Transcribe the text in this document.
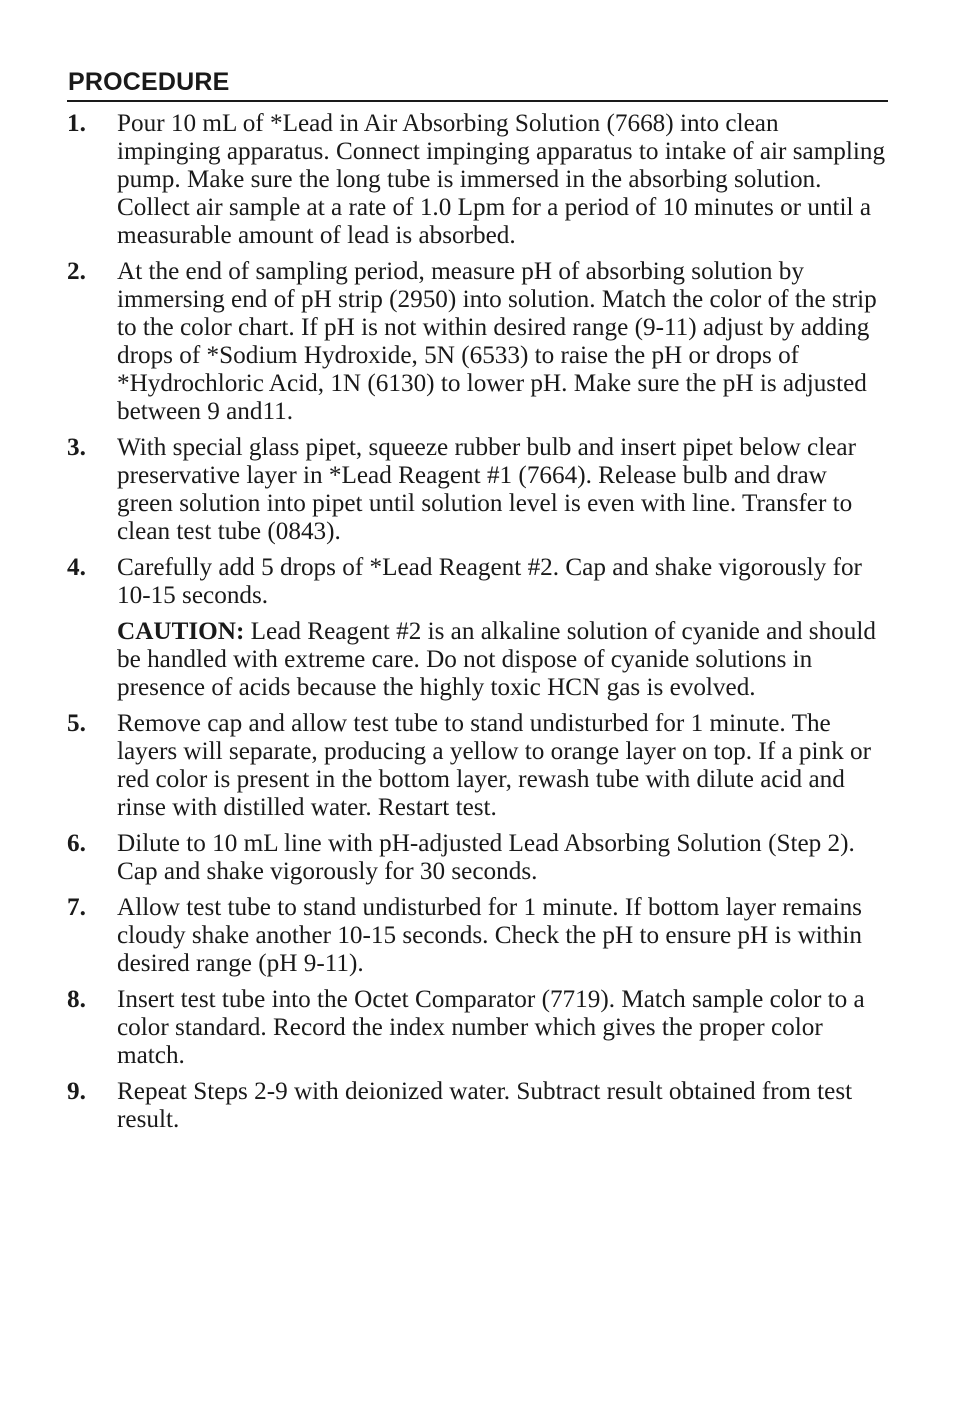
PROCEDURE
1.	Pour 10 mL of *Lead in Air Absorbing Solution (7668) into clean impinging apparatus. Connect impinging apparatus to intake of air sampling pump. Make sure the long tube is immersed in the absorbing solution. Collect air sample at a rate of 1.0 Lpm for a period of 10 minutes or until a measurable amount of lead is absorbed.

2.	At the end of sampling period, measure pH of absorbing solution by immersing end of pH strip (2950) into solution. Match the color of the strip to the color chart. If pH is not within desired range (9-11) adjust by adding drops of *Sodium Hydroxide, 5N (6533) to raise the pH or drops of *Hydrochloric Acid, 1N (6130) to lower pH. Make sure the pH is adjusted between 9 and11.

3.	With special glass pipet, squeeze rubber bulb and insert pipet below clear preservative layer in *Lead Reagent #1 (7664). Release bulb and draw green solution into pipet until solution level is even with line. Transfer to clean test tube (0843).

4.	Carefully add 5 drops of *Lead Reagent #2. Cap and shake vigorously for 10-15 seconds.

CAUTION: Lead Reagent #2 is an alkaline solution of cyanide and should be handled with extreme care. Do not dispose of cyanide solutions in presence of acids because the highly toxic HCN gas is evolved.

5.	Remove cap and allow test tube to stand undisturbed for 1 minute. The layers will separate, producing a yellow to orange layer on top. If a pink or red color is present in the bottom layer, rewash tube with dilute acid and rinse with distilled water. Restart test.

6.	Dilute to 10 mL line with pH-adjusted Lead Absorbing Solution (Step 2). Cap and shake vigorously for 30 seconds.

7.	Allow test tube to stand undisturbed for 1 minute. If bottom layer remains cloudy shake another 10-15 seconds. Check the pH to ensure pH is within desired range (pH 9-11).

8.	Insert test tube into the Octet Comparator (7719). Match sample color to a color standard. Record the index number which gives the proper color match.

9.	Repeat Steps 2-9 with deionized water. Subtract result obtained from test result.
